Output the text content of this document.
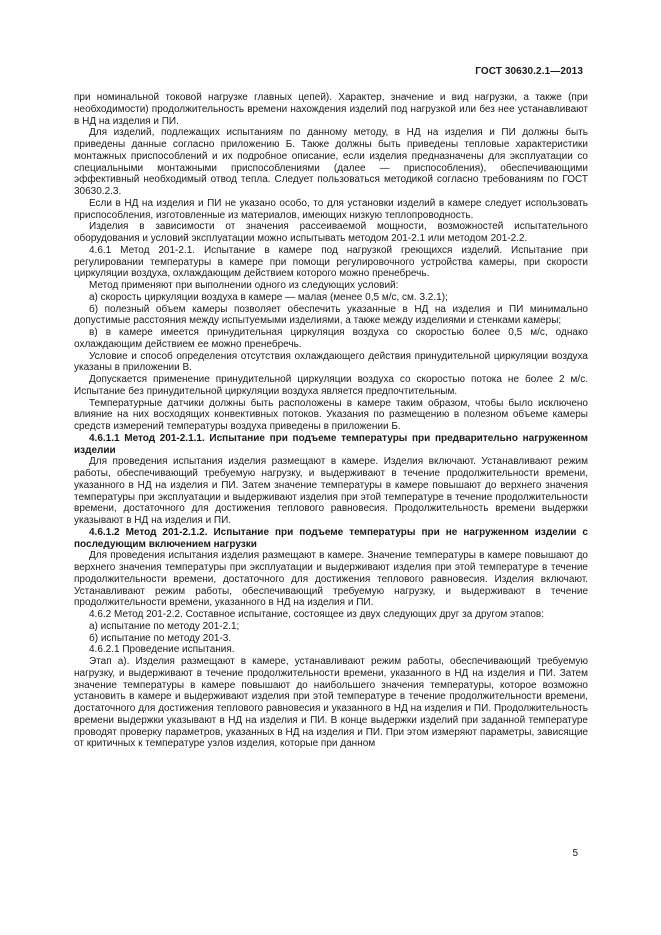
ГОСТ 30630.2.1—2013

при номинальной токовой нагрузке главных цепей). Характер, значение и вид нагрузки, а также (при необходимости) продолжительность времени нахождения изделий под нагрузкой или без нее устанавливают в НД на изделия и ПИ.

Для изделий, подлежащих испытаниям по данному методу, в НД на изделия и ПИ должны быть приведены данные согласно приложению Б. Также должны быть приведены тепловые характеристики монтажных приспособлений и их подробное описание, если изделия предназначены для эксплуатации со специальными монтажными приспособлениями (далее — приспособления), обеспечивающими эффективный необходимый отвод тепла. Следует пользоваться методикой согласно требованиям по ГОСТ 30630.2.3.

Если в НД на изделия и ПИ не указано особо, то для установки изделий в камере следует использовать приспособления, изготовленные из материалов, имеющих низкую теплопроводность.

Изделия в зависимости от значения рассеиваемой мощности, возможностей испытательного оборудования и условий эксплуатации можно испытывать методом 201-2.1 или методом 201-2.2.

4.6.1 Метод 201-2.1. Испытание в камере под нагрузкой греющихся изделий. Испытание при регулировании температуры в камере при помощи регулировочного устройства камеры, при скорости циркуляции воздуха, охлаждающим действием которого можно пренебречь.

Метод применяют при выполнении одного из следующих условий:

а) скорость циркуляции воздуха в камере — малая (менее 0,5 м/с, см. 3.2.1);

б) полезный объем камеры позволяет обеспечить указанные в НД на изделия и ПИ минимально допустимые расстояния между испытуемыми изделиями, а также между изделиями и стенками камеры;

в) в камере имеется принудительная циркуляция воздуха со скоростью более 0,5 м/с, однако охлаждающим действием ее можно пренебречь.

Условие и способ определения отсутствия охлаждающего действия принудительной циркуляции воздуха указаны в приложении В.

Допускается применение принудительной циркуляции воздуха со скоростью потока не более 2 м/с. Испытание без принудительной циркуляции воздуха является предпочтительным.

Температурные датчики должны быть расположены в камере таким образом, чтобы было исключено влияние на них восходящих конвективных потоков. Указания по размещению в полезном объеме камеры средств измерений температуры воздуха приведены в приложении Б.

4.6.1.1 Метод 201-2.1.1. Испытание при подъеме температуры при предварительно нагруженном изделии

Для проведения испытания изделия размещают в камере. Изделия включают. Устанавливают режим работы, обеспечивающий требуемую нагрузку, и выдерживают в течение продолжительности времени, указанного в НД на изделия и ПИ. Затем значение температуры в камере повышают до верхнего значения температуры при эксплуатации и выдерживают изделия при этой температуре в течение продолжительности времени, достаточного для достижения теплового равновесия. Продолжительность времени выдержки указывают в НД на изделия и ПИ.

4.6.1.2 Метод 201-2.1.2. Испытание при подъеме температуры при не нагруженном изделии с последующим включением нагрузки

Для проведения испытания изделия размещают в камере. Значение температуры в камере повышают до верхнего значения температуры при эксплуатации и выдерживают изделия при этой температуре в течение продолжительности времени, достаточного для достижения теплового равновесия. Изделия включают. Устанавливают режим работы, обеспечивающий требуемую нагрузку, и выдерживают в течение продолжительности времени, указанного в НД на изделия и ПИ.

4.6.2 Метод 201-2.2. Составное испытание, состоящее из двух следующих друг за другом этапов:

а) испытание по методу 201-2.1;

б) испытание по методу 201-3.

4.6.2.1 Проведение испытания.

Этап а). Изделия размещают в камере, устанавливают режим работы, обеспечивающий требуемую нагрузку, и выдерживают в течение продолжительности времени, указанного в НД на изделия и ПИ. Затем значение температуры в камере повышают до наибольшего значения температуры, которое возможно установить в камере и выдерживают изделия при этой температуре в течение продолжительности времени, достаточного для достижения теплового равновесия и указанного в НД на изделия и ПИ. Продолжительность времени выдержки указывают в НД на изделия и ПИ. В конце выдержки изделий при заданной температуре проводят проверку параметров, указанных в НД на изделия и ПИ. При этом измеряют параметры, зависящие от критичных к температуре узлов изделия, которые при данном

5
